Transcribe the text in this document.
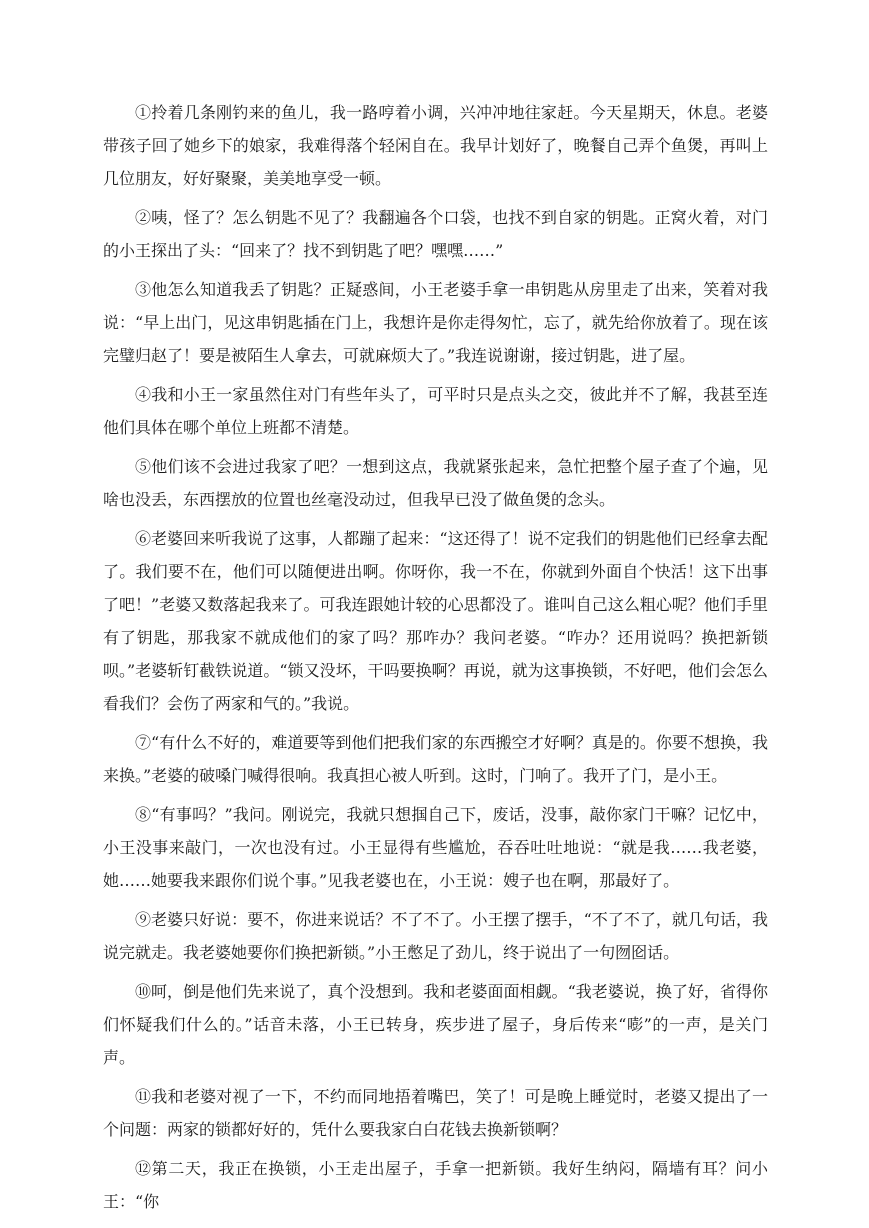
①拎着几条刚钓来的鱼儿，我一路哼着小调，兴冲冲地往家赶。今天星期天，休息。老婆带孩子回了她乡下的娘家，我难得落个轻闲自在。我早计划好了，晚餐自己弄个鱼煲，再叫上几位朋友，好好聚聚，美美地享受一顿。

②咦，怪了？怎么钥匙不见了？我翻遍各个口袋，也找不到自家的钥匙。正窝火着，对门的小王探出了头：“回来了？找不到钥匙了吧？嘿嘿……”

③他怎么知道我丢了钥匙？正疑惑间，小王老婆手拿一串钥匙从房里走了出来，笑着对我说：“早上出门，见这串钥匙插在门上，我想许是你走得匆忙，忘了，就先给你放着了。现在该完璧归赵了！要是被陌生人拿去，可就麻烦大了。”我连说谢谢，接过钥匙，进了屋。

④我和小王一家虽然住对门有些年头了，可平时只是点头之交，彼此并不了解，我甚至连他们具体在哪个单位上班都不清楚。

⑤他们该不会进过我家了吧？一想到这点，我就紧张起来，急忙把整个屋子查了个遍，见啥也没丢，东西摆放的位置也丝毫没动过，但我早已没了做鱼煲的念头。

⑥老婆回来听我说了这事，人都蹦了起来：“这还得了！说不定我们的钥匙他们已经拿去配了。我们要不在，他们可以随便进出啊。你呀你，我一不在，你就到外面自个快活！这下出事了吧！”老婆又数落起我来了。可我连跟她计较的心思都没了。谁叫自己这么粗心呢？他们手里有了钥匙，那我家不就成他们的家了吗？那咋办？我问老婆。“咋办？还用说吗？换把新锁呗。”老婆斩钉截铁说道。“锁又没坏，干吗要换啊？再说，就为这事换锁，不好吧，他们会怎么看我们？会伤了两家和气的。”我说。

⑦“有什么不好的，难道要等到他们把我们家的东西搬空才好啊？真是的。你要不想换，我来换。”老婆的破嗓门喊得很响。我真担心被人听到。这时，门响了。我开了门，是小王。

⑧“有事吗？”我问。刚说完，我就只想掴自己下，废话，没事，敲你家门干嘛？记忆中，小王没事来敲门，一次也没有过。小王显得有些尴尬，吞吞吐吐地说：“就是我……我老婆，她……她要我来跟你们说个事。”见我老婆也在，小王说：嫂子也在啊，那最好了。

⑨老婆只好说：要不，你进来说话？不了不了。小王摆了摆手，“不了不了，就几句话，我说完就走。我老婆她要你们换把新锁。”小王憋足了劲儿，终于说出了一句囫囵话。

⑩呵，倒是他们先来说了，真个没想到。我和老婆面面相觑。“我老婆说，换了好，省得你们怀疑我们什么的。”话音未落，小王已转身，疾步进了屋子，身后传来“嘭”的一声，是关门声。

⑪我和老婆对视了一下，不约而同地捂着嘴巴，笑了！可是晚上睡觉时，老婆又提出了一个问题：两家的锁都好好的，凭什么要我家白白花钱去换新锁啊？

⑫第二天，我正在换锁，小王走出屋子，手拿一把新锁。我好生纳闷，隔墙有耳？问小王：“你
